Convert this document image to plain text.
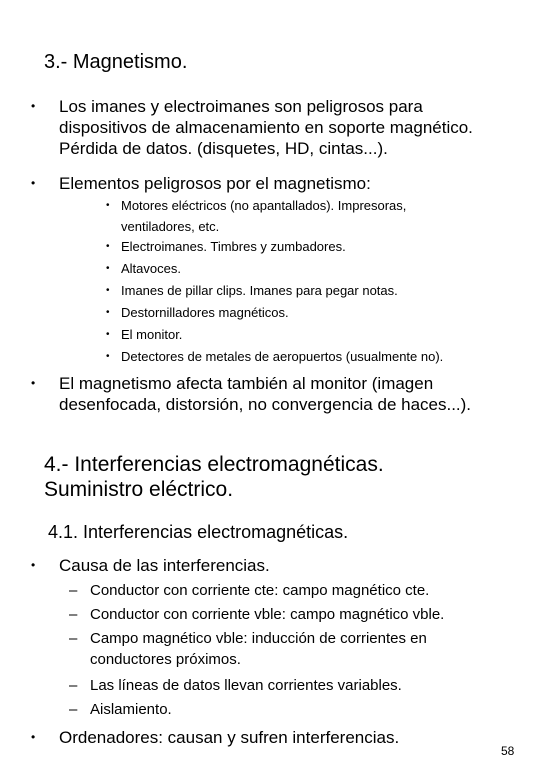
3.- Magnetismo.
• Los imanes y electroimanes son peligrosos para
dispositivos de almacenamiento en soporte magnético.
Pérdida de datos. (disquetes, HD, cintas...).
• Elementos peligrosos por el magnetismo:
• Motores eléctricos (no apantallados). Impresoras,
ventiladores, etc.
• Electroimanes. Timbres y zumbadores.
• Altavoces.
• Imanes de pillar clips. Imanes para pegar notas.
• Destornilladores magnéticos.
• El monitor.
• Detectores de metales de aeropuertos (usualmente no).
• El magnetismo afecta también al monitor (imagen
desenfocada, distorsión, no convergencia de haces...).
4.- Interferencias electromagnéticas.
Suministro eléctrico.
4.1. Interferencias electromagnéticas.
• Causa de las interferencias.
– Conductor con corriente cte: campo magnético cte.
– Conductor con corriente vble: campo magnético vble.
– Campo magnético vble: inducción de corrientes en
conductores próximos.
– Las líneas de datos llevan corrientes variables.
– Aislamiento.
• Ordenadores: causan y sufren interferencias.
58
